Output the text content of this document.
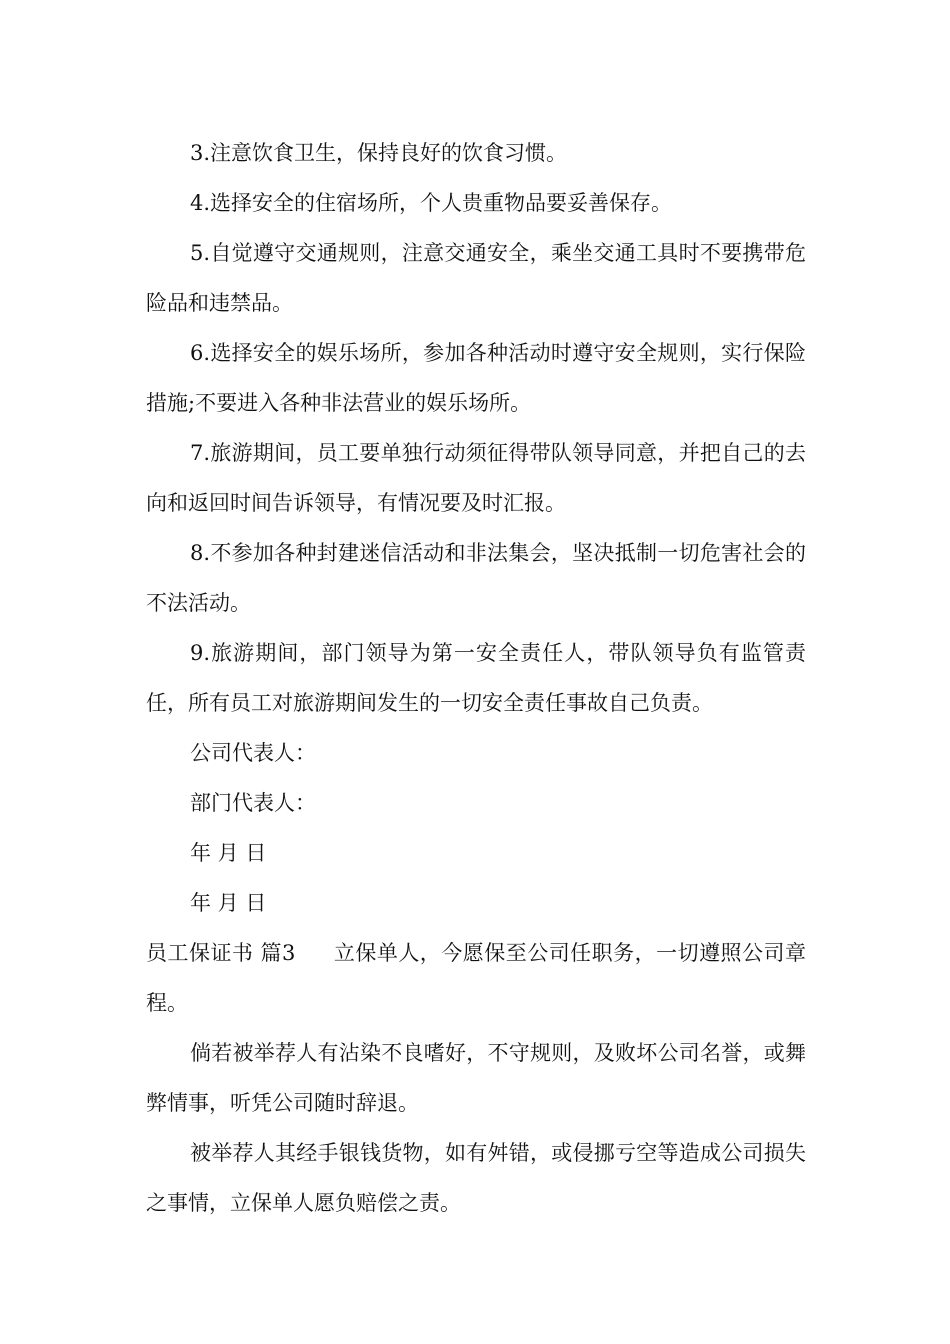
3.注意饮食卫生，保持良好的饮食习惯。

4.选择安全的住宿场所，个人贵重物品要妥善保存。

5.自觉遵守交通规则，注意交通安全，乘坐交通工具时不要携带危险品和违禁品。

6.选择安全的娱乐场所，参加各种活动时遵守安全规则，实行保险措施;不要进入各种非法营业的娱乐场所。

7.旅游期间，员工要单独行动须征得带队领导同意，并把自己的去向和返回时间告诉领导，有情况要及时汇报。

8.不参加各种封建迷信活动和非法集会，坚决抵制一切危害社会的不法活动。

9.旅游期间，部门领导为第一安全责任人，带队领导负有监管责任，所有员工对旅游期间发生的一切安全责任事故自己负责。

公司代表人：

部门代表人：

年 月 日

年 月 日

员工保证书 篇3 立保单人，今愿保至公司任职务，一切遵照公司章程。

倘若被举荐人有沾染不良嗜好，不守规则，及败坏公司名誉，或舞弊情事，听凭公司随时辞退。

被举荐人其经手银钱货物，如有舛错，或侵挪亏空等造成公司损失之事情，立保单人愿负赔偿之责。
